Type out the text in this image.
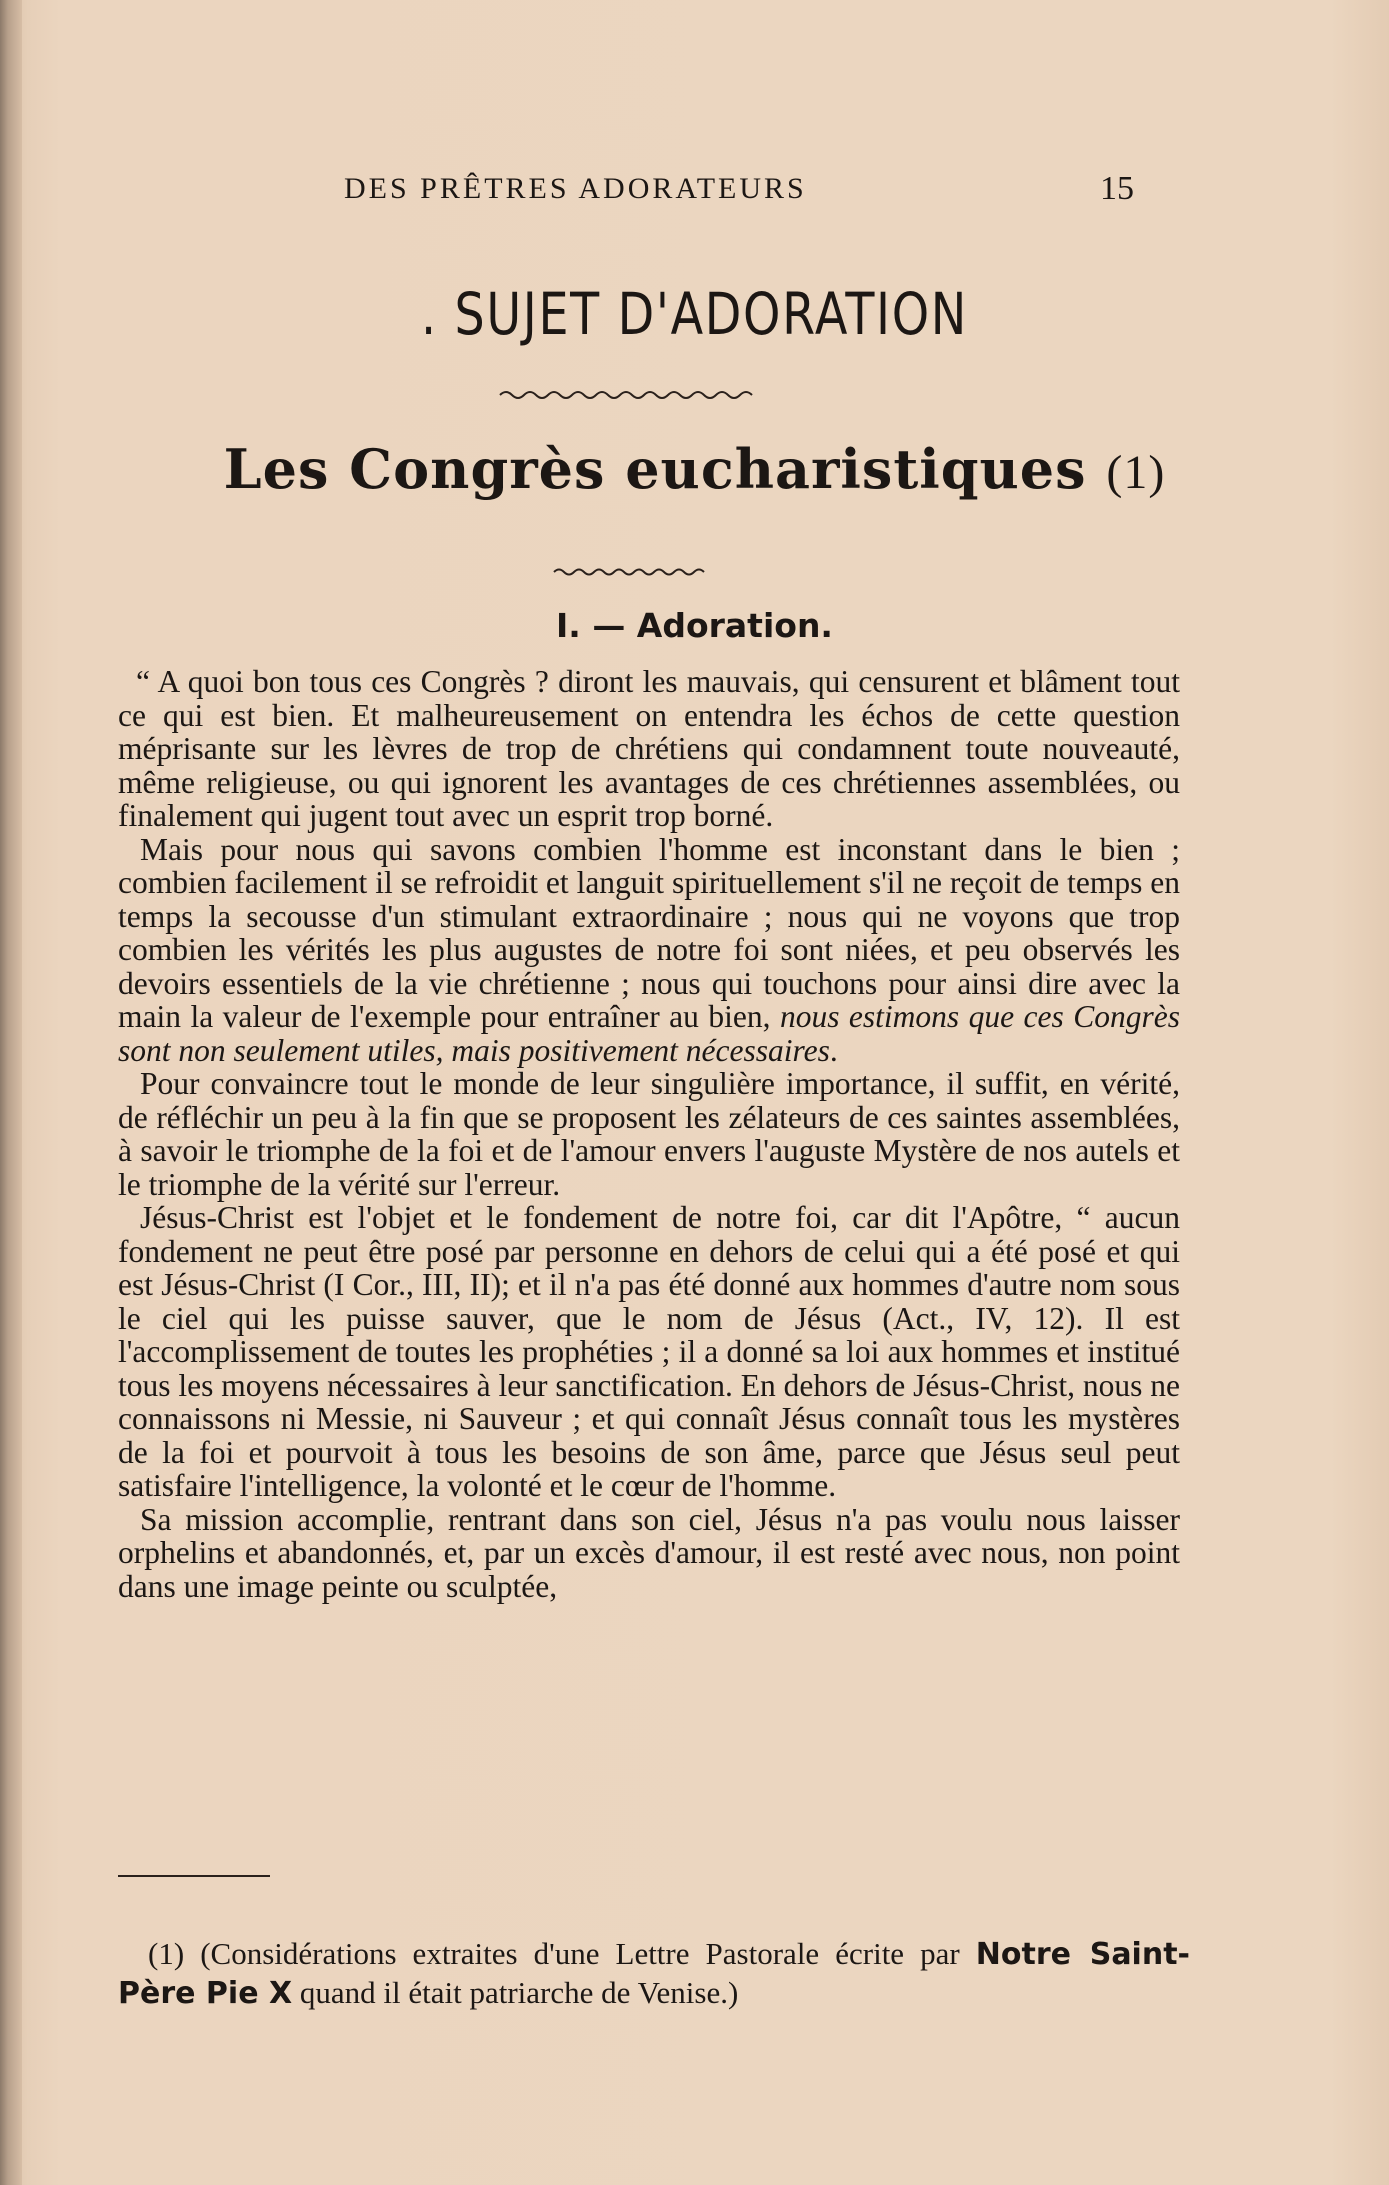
DES PRÊTRES ADORATEURS	15
. SUJET D'ADORATION
Les Congrès eucharistiques (1)
I. — Adoration.

“ A quoi bon tous ces Congrès ? diront les mauvais, qui censurent et blâment tout ce qui est bien. Et malheureusement on entendra les échos de cette question méprisante sur les lèvres de trop de chrétiens qui condamnent toute nouveauté, même religieuse, ou qui ignorent les avantages de ces chrétiennes assemblées, ou finalement qui jugent tout avec un esprit trop borné.

Mais pour nous qui savons combien l'homme est inconstant dans le bien ; combien facilement il se refroidit et languit spirituellement s'il ne reçoit de temps en temps la secousse d'un stimulant extraordinaire ; nous qui ne voyons que trop combien les vérités les plus augustes de notre foi sont niées, et peu observés les devoirs essentiels de la vie chrétienne ; nous qui touchons pour ainsi dire avec la main la valeur de l'exemple pour entraîner au bien, nous estimons que ces Congrès sont non seulement utiles, mais positivement nécessaires.

Pour convaincre tout le monde de leur singulière importance, il suffit, en vérité, de réfléchir un peu à la fin que se proposent les zélateurs de ces saintes assemblées, à savoir le triomphe de la foi et de l'amour envers l'auguste Mystère de nos autels et le triomphe de la vérité sur l'erreur.

Jésus-Christ est l'objet et le fondement de notre foi, car dit l'Apôtre, “ aucun fondement ne peut être posé par personne en dehors de celui qui a été posé et qui est Jésus-Christ (I Cor., III, II); et il n'a pas été donné aux hommes d'autre nom sous le ciel qui les puisse sauver, que le nom de Jésus (Act., IV, 12). Il est l'accomplissement de toutes les prophéties ; il a donné sa loi aux hommes et institué tous les moyens nécessaires à leur sanctification. En dehors de Jésus-Christ, nous ne connaissons ni Messie, ni Sauveur ; et qui connaît Jésus connaît tous les mystères de la foi et pourvoit à tous les besoins de son âme, parce que Jésus seul peut satisfaire l'intelligence, la volonté et le cœur de l'homme.

Sa mission accomplie, rentrant dans son ciel, Jésus n'a pas voulu nous laisser orphelins et abandonnés, et, par un excès d'amour, il est resté avec nous, non point dans une image peinte ou sculptée,

(1) (Considérations extraites d'une Lettre Pastorale écrite par Notre Saint-Père Pie X quand il était patriarche de Venise.)
